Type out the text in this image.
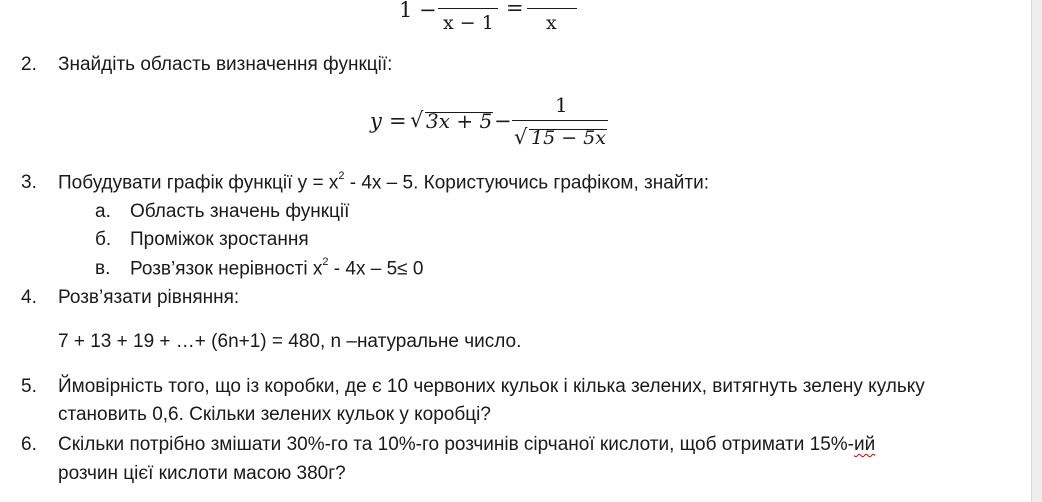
1 −
x − 1
=
x
2. Знайдіть область визначення функції:
y = √ 3x + 5 −
1
√ 15 − 5x
3. Побудувати графік функції $y = x^2 - 4x - 5$. Користуючись графіком, знайти:
а. Область значень функції
б. Проміжок зростання
в. Розв’язок нерівності $x^2 - 4x - 5\le 0$
4. Розв’язати рівняння:
7 + 13 + 19 + …+ (6n+1) = 480, n –натуральне число.
5. Ймовірність того, що із коробки, де є 10 червоних кульок і кілька зелених, витягнуть зелену кульку
становить 0,6. Скільки зелених кульок у коробці?
6. Скільки потрібно змішати 30%-го та 10%-го розчинів сірчаної кислоти, щоб отримати 15%-ий
розчин цієї кислоти масою 380г?
